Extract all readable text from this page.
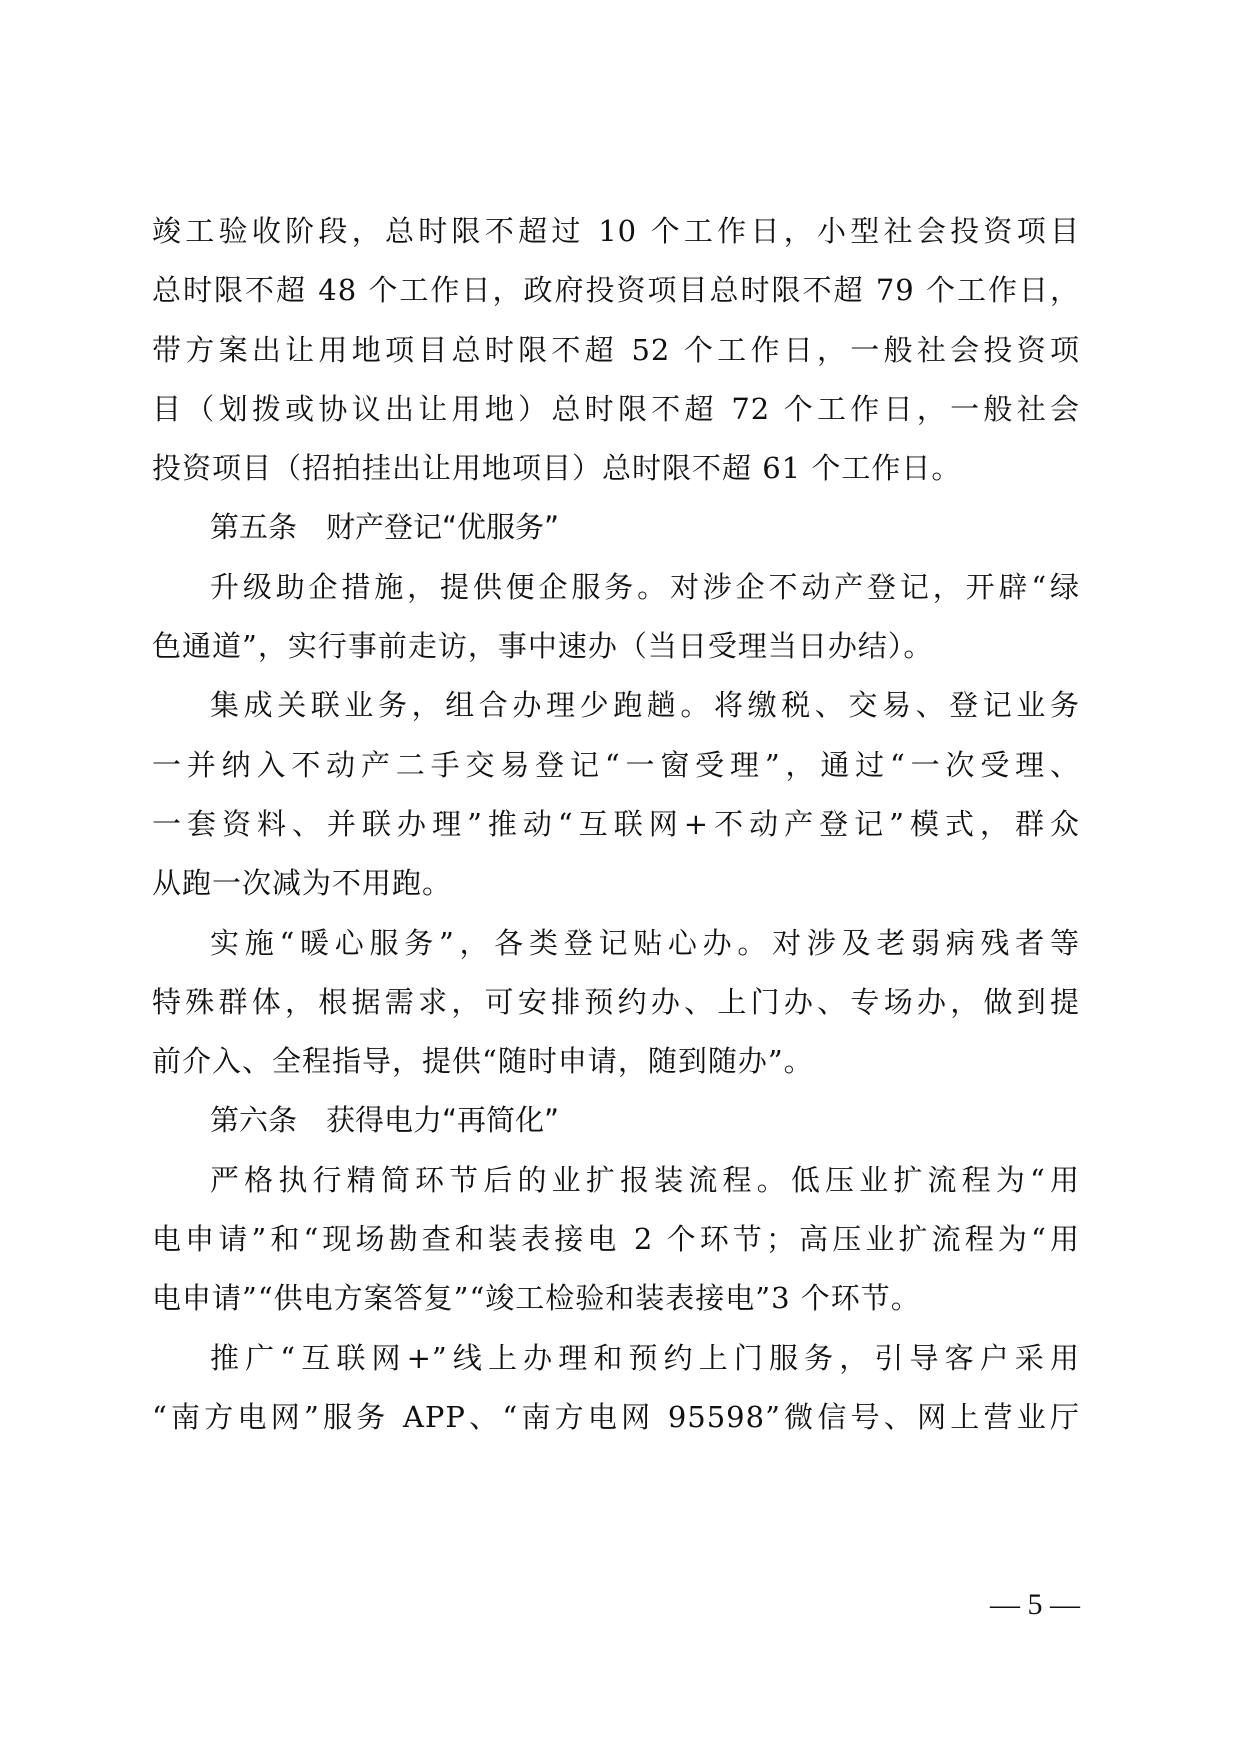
竣工验收阶段，总时限不超过 10 个工作日，小型社会投资项目
总时限不超 48 个工作日，政府投资项目总时限不超 79 个工作日，
带方案出让用地项目总时限不超 52 个工作日，一般社会投资项
目（划拨或协议出让用地）总时限不超 72 个工作日，一般社会
投资项目（招拍挂出让用地项目）总时限不超 61 个工作日。
第五条　财产登记“优服务”
升级助企措施，提供便企服务。对涉企不动产登记，开辟“绿
色通道”，实行事前走访，事中速办（当日受理当日办结）。
集成关联业务，组合办理少跑趟。将缴税、交易、登记业务
一并纳入不动产二手交易登记“一窗受理”，通过“一次受理、
一套资料、并联办理”推动“互联网+不动产登记”模式，群众
从跑一次减为不用跑。
实施“暖心服务”，各类登记贴心办。对涉及老弱病残者等
特殊群体，根据需求，可安排预约办、上门办、专场办，做到提
前介入、全程指导，提供“随时申请，随到随办”。
第六条　获得电力“再简化”
严格执行精简环节后的业扩报装流程。低压业扩流程为“用
电申请”和“现场勘查和装表接电 2 个环节；高压业扩流程为“用
电申请”“供电方案答复”“竣工检验和装表接电”3 个环节。
推广“互联网+”线上办理和预约上门服务，引导客户采用
“南方电网”服务 APP、“南方电网 95598”微信号、网上营业厅
— 5 —
